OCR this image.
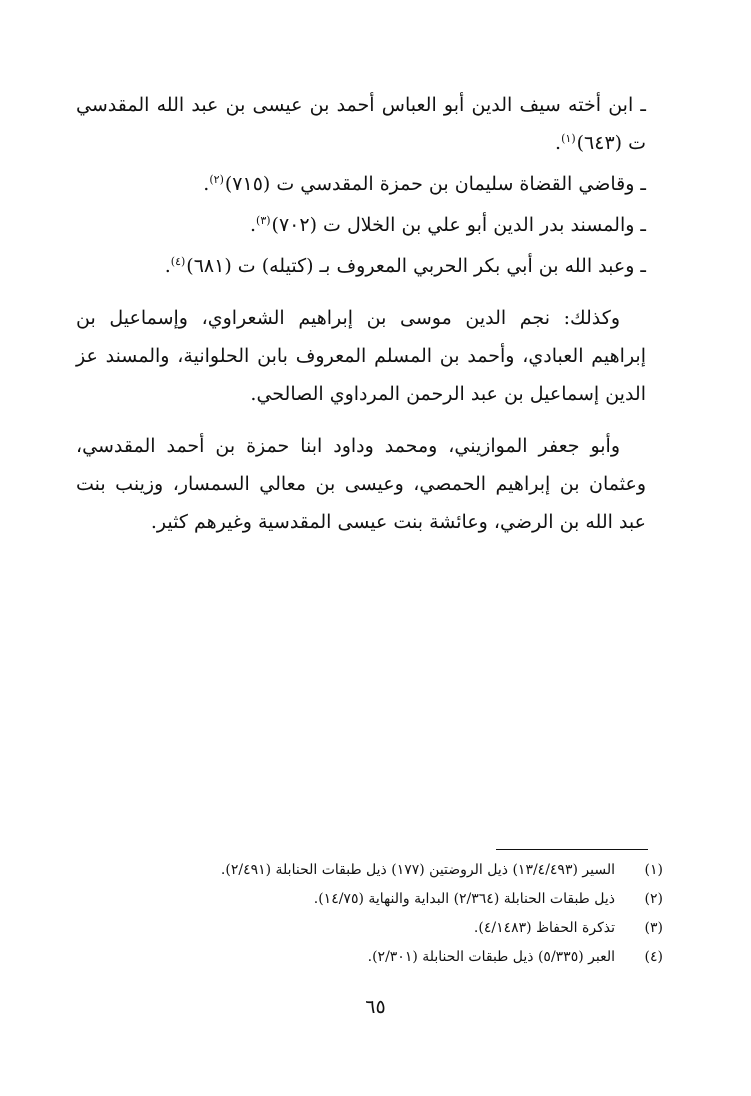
ـ ابن أخته سيف الدين أبو العباس أحمد بن عيسى بن عبد الله المقدسي ت (٦٤٣)$^{(١)}$.

ـ وقاضي القضاة سليمان بن حمزة المقدسي ت (٧١٥)$^{(٢)}$.

ـ والمسند بدر الدين أبو علي بن الخلال ت (٧٠٢)$^{(٣)}$.

ـ وعبد الله بن أبي بكر الحربي المعروف بـ (كتيله) ت (٦٨١)$^{(٤)}$.

وكذلك: نجم الدين موسى بن إبراهيم الشعراوي، وإسماعيل بن إبراهيم العبادي، وأحمد بن المسلم المعروف بابن الحلوانية، والمسند عز الدين إسماعيل بن عبد الرحمن المرداوي الصالحي.

وأبو جعفر الموازيني، ومحمد وداود ابنا حمزة بن أحمد المقدسي، وعثمان بن إبراهيم الحمصي، وعيسى بن معالي السمسار، وزينب بنت عبد الله بن الرضي، وعائشة بنت عيسى المقدسية وغيرهم كثير.

(١)
السير (١٣/٤/٤٩٣) ذيل الروضتين (١٧٧) ذيل طبقات الحنابلة (٢/٤٩١).
(٢)
ذيل طبقات الحنابلة (٢/٣٦٤) البداية والنهاية (١٤/٧٥).
(٣)
تذكرة الحفاظ (٤/١٤٨٣).
(٤)
العبر (٥/٣٣٥) ذيل طبقات الحنابلة (٢/٣٠١).
٦٥
